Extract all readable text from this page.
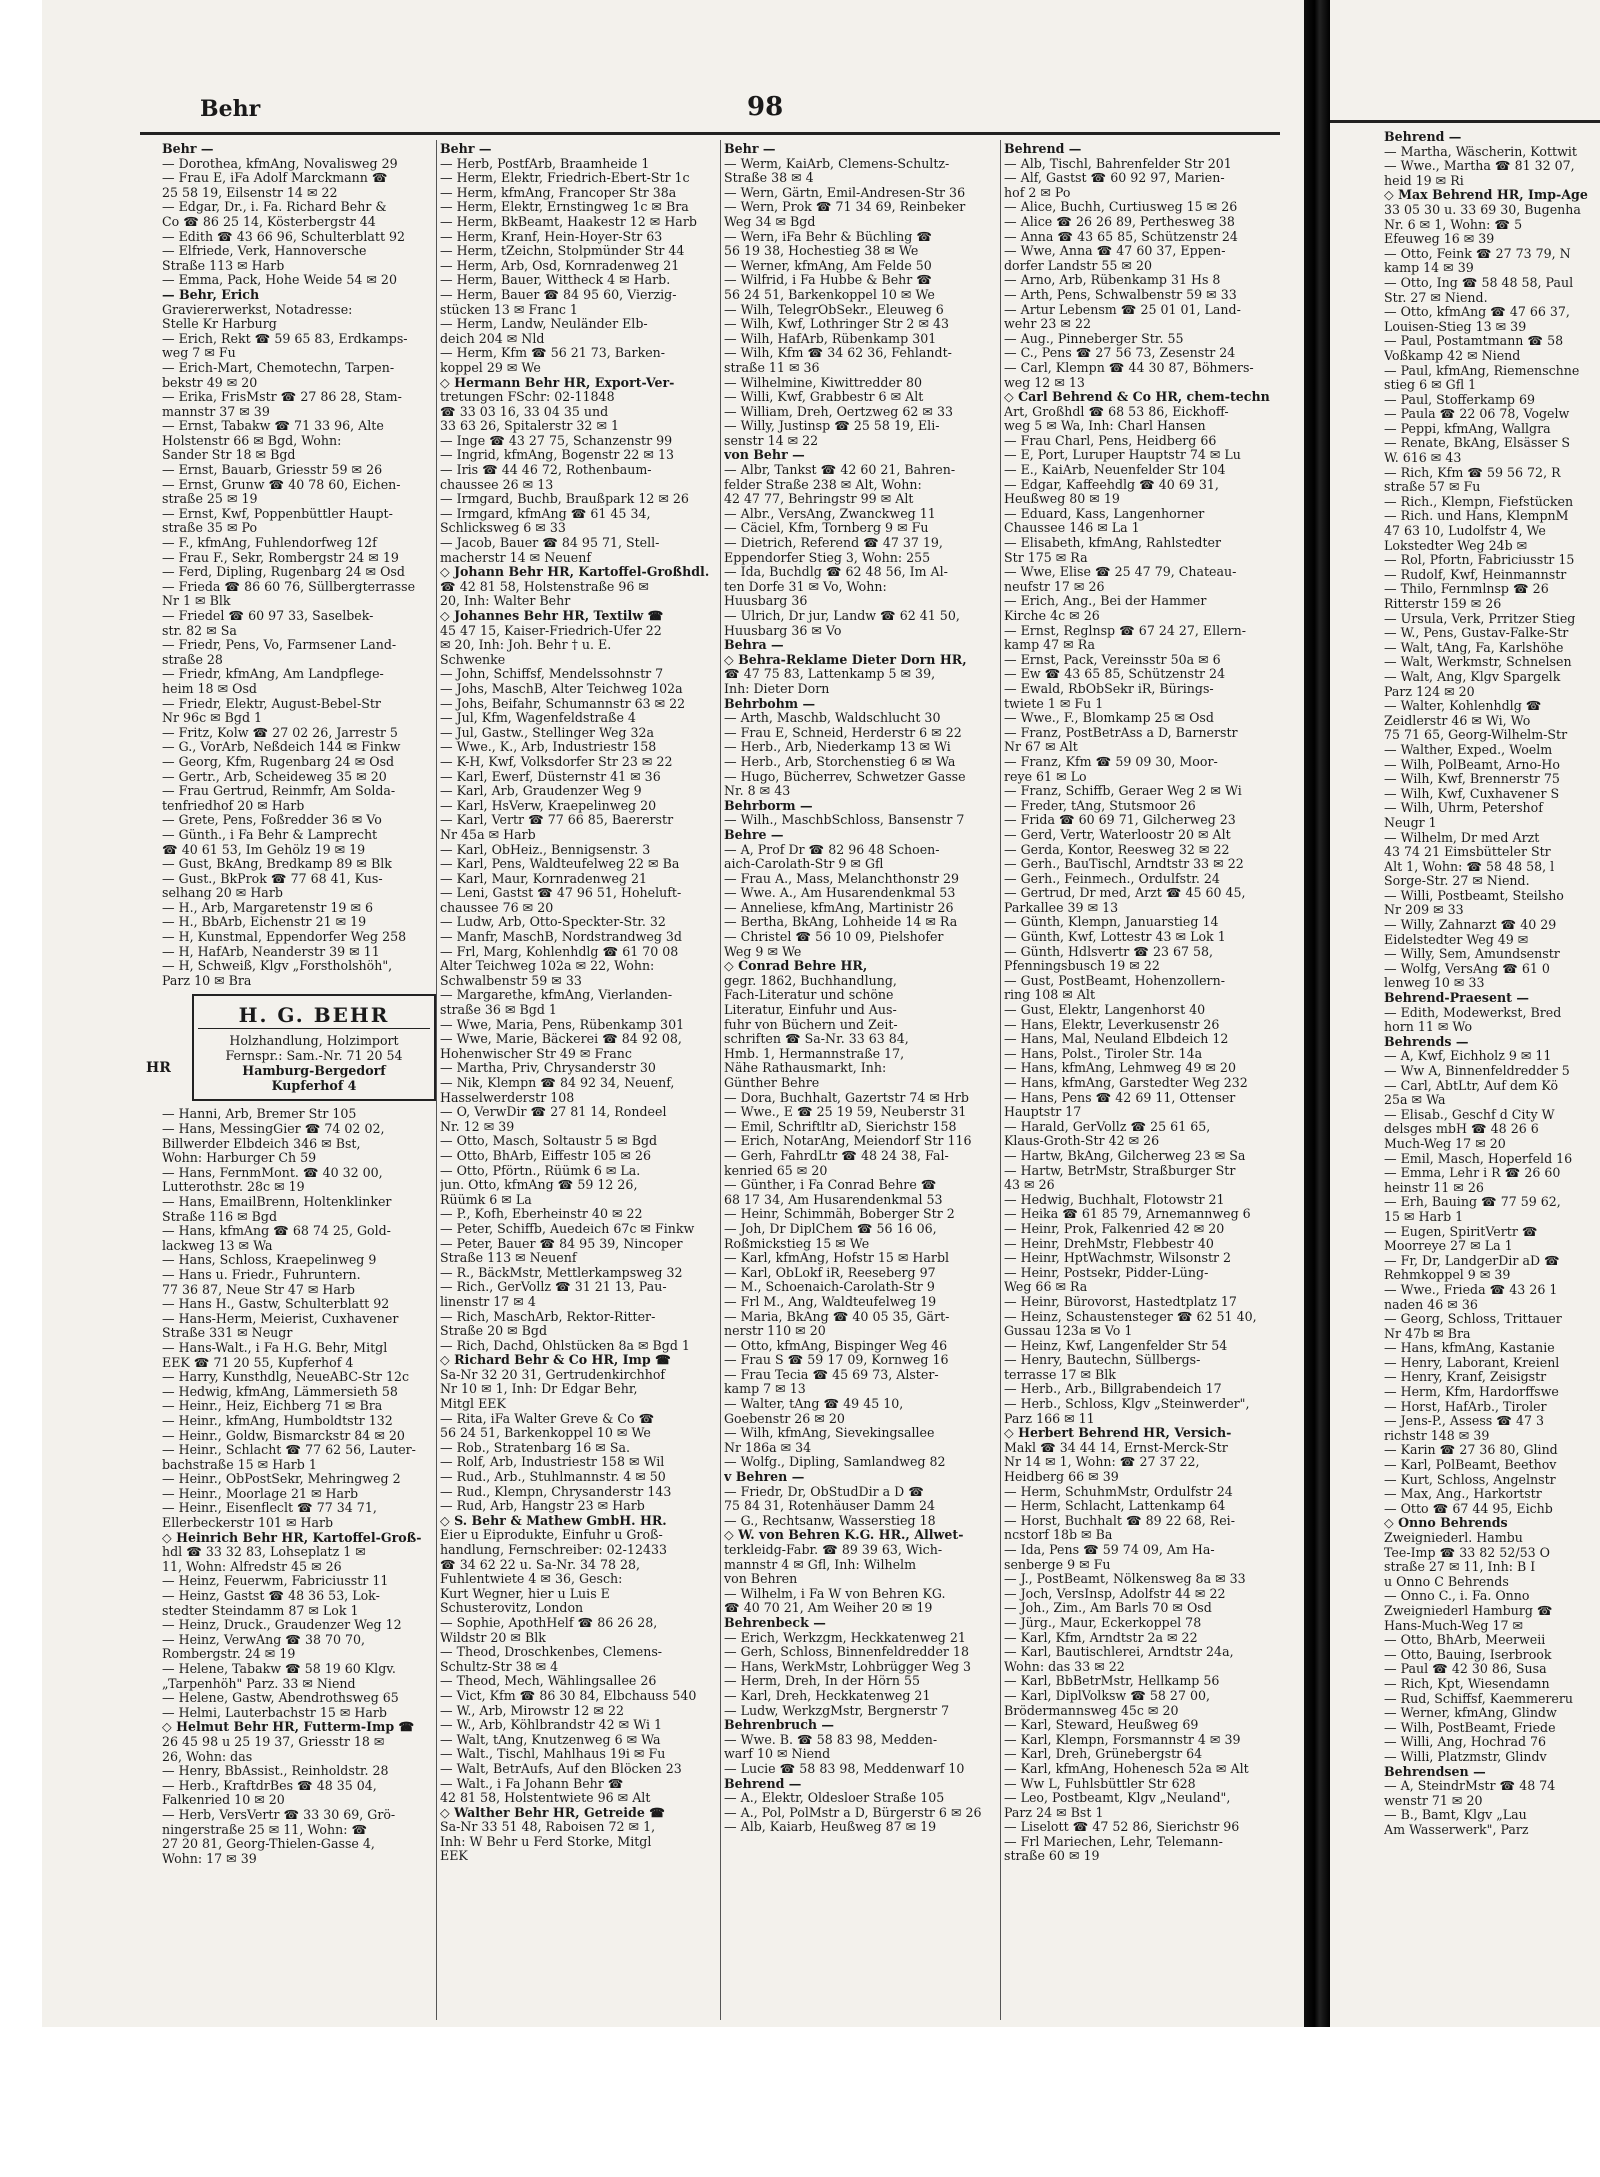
Behr	98
Behr —
— Dorothea, kfmAng, Novalisweg 29
— Frau E, iFa Adolf Marckmann ☎
25 58 19, Eilsenstr 14 ✉ 22
— Edgar, Dr., i. Fa. Richard Behr &
Co ☎ 86 25 14, Kösterbergstr 44
— Edith ☎ 43 66 96, Schulterblatt 92
— Elfriede, Verk, Hannoversche
Straße 113 ✉ Harb
— Emma, Pack, Hohe Weide 54 ✉ 20
— Behr, Erich
Graviererwerkst, Notadresse:
Stelle Kr Harburg
— Erich, Rekt ☎ 59 65 83, Erdkamps-
weg 7 ✉ Fu
— Erich-Mart, Chemotechn, Tarpen-
bekstr 49 ✉ 20
— Erika, FrisMstr ☎ 27 86 28, Stam-
mannstr 37 ✉ 39
— Ernst, Tabakw ☎ 71 33 96, Alte
Holstenstr 66 ✉ Bgd, Wohn:
Sander Str 18 ✉ Bgd
— Ernst, Bauarb, Griesstr 59 ✉ 26
— Ernst, Grunw ☎ 40 78 60, Eichen-
straße 25 ✉ 19
— Ernst, Kwf, Poppenbüttler Haupt-
straße 35 ✉ Po
— F., kfmAng, Fuhlendorfweg 12f
— Frau F., Sekr, Rombergstr 24 ✉ 19
— Ferd, Dipling, Rugenbarg 24 ✉ Osd
— Frieda ☎ 86 60 76, Süllbergterrasse
Nr 1 ✉ Blk
— Friedel ☎ 60 97 33, Saselbek-
str. 82 ✉ Sa
— Friedr, Pens, Vo, Farmsener Land-
straße 28
— Friedr, kfmAng, Am Landpflege-
heim 18 ✉ Osd
— Friedr, Elektr, August-Bebel-Str
Nr 96c ✉ Bgd 1
— Fritz, Kolw ☎ 27 02 26, Jarrestr 5
— G., VorArb, Neßdeich 144 ✉ Finkw
— Georg, Kfm, Rugenbarg 24 ✉ Osd
— Gertr., Arb, Scheideweg 35 ✉ 20
— Frau Gertrud, Reinmfr, Am Solda-
tenfriedhof 20 ✉ Harb
— Grete, Pens, Foßredder 36 ✉ Vo
— Günth., i Fa Behr & Lamprecht
☎ 40 61 53, Im Gehölz 19 ✉ 19
— Gust, BkAng, Bredkamp 89 ✉ Blk
— Gust., BkProk ☎ 77 68 41, Kus-
selhang 20 ✉ Harb
— H., Arb, Margaretenstr 19 ✉ 6
— H., BbArb, Eichenstr 21 ✉ 19
— H, Kunstmal, Eppendorfer Weg 258
— H, HafArb, Neanderstr 39 ✉ 11
— H, Schweiß, Klgv „Forstholshöh",
Parz 10 ✉ Bra
H. G. BEHR
Holzhandlung, Holzimport
Fernspr.: Sam.-Nr. 71 20 54
Hamburg-Bergedorf
Kupferhof 4
— Hanni, Arb, Bremer Str 105
— Hans, MessingGier ☎ 74 02 02,
Billwerder Elbdeich 346 ✉ Bst,
Wohn: Harburger Ch 59
— Hans, FernmMont. ☎ 40 32 00,
Lutterothstr. 28c ✉ 19
— Hans, EmailBrenn, Holtenklinker
Straße 116 ✉ Bgd
— Hans, kfmAng ☎ 68 74 25, Gold-
lackweg 13 ✉ Wa
— Hans, Schloss, Kraepelinweg 9
— Hans u. Friedr., Fuhruntern.
77 36 87, Neue Str 47 ✉ Harb
— Hans H., Gastw, Schulterblatt 92
— Hans-Herm, Meierist, Cuxhavener
Straße 331 ✉ Neugr
— Hans-Walt., i Fa H.G. Behr, Mitgl
EEK ☎ 71 20 55, Kupferhof 4
— Harry, Kunsthdlg, NeueABC-Str 12c
— Hedwig, kfmAng, Lämmersieth 58
— Heinr., Heiz, Eichberg 71 ✉ Bra
— Heinr., kfmAng, Humboldtstr 132
— Heinr., Goldw, Bismarckstr 84 ✉ 20
— Heinr., Schlacht ☎ 77 62 56, Lauter-
bachstraße 15 ✉ Harb 1
— Heinr., ObPostSekr, Mehringweg 2
— Heinr., Moorlage 21 ✉ Harb
— Heinr., Eisenfleclt ☎ 77 34 71,
Ellerbeckerstr 101 ✉ Harb
◇ Heinrich Behr HR, Kartoffel-Groß-
hdl ☎ 33 32 83, Lohseplatz 1 ✉
11, Wohn: Alfredstr 45 ✉ 26
— Heinz, Feuerwm, Fabriciusstr 11
— Heinz, Gastst ☎ 48 36 53, Lok-
stedter Steindamm 87 ✉ Lok 1
— Heinz, Druck., Graudenzer Weg 12
— Heinz, VerwAng ☎ 38 70 70,
Rombergstr. 24 ✉ 19
— Helene, Tabakw ☎ 58 19 60 Klgv.
„Tarpenhöh" Parz. 33 ✉ Niend
— Helene, Gastw, Abendrothsweg 65
— Helmi, Lauterbachstr 15 ✉ Harb
◇ Helmut Behr HR, Futterm-Imp ☎
26 45 98 u 25 19 37, Griesstr 18 ✉
26, Wohn: das
— Henry, BbAssist., Reinholdstr. 28
— Herb., KraftdrBes ☎ 48 35 04,
Falkenried 10 ✉ 20
— Herb, VersVertr ☎ 33 30 69, Grö-
ningerstraße 25 ✉ 11, Wohn: ☎
27 20 81, Georg-Thielen-Gasse 4,
Wohn: 17 ✉ 39
HR
Behr —
— Herb, PostfArb, Braamheide 1
— Herm, Elektr, Friedrich-Ebert-Str 1c
— Herm, kfmAng, Francoper Str 38a
— Herm, Elektr, Ernstingweg 1c ✉ Bra
— Herm, BkBeamt, Haakestr 12 ✉ Harb
— Herm, Kranf, Hein-Hoyer-Str 63
— Herm, tZeichn, Stolpmünder Str 44
— Herm, Arb, Osd, Kornradenweg 21
— Herm, Bauer, Wittheck 4 ✉ Harb.
— Herm, Bauer ☎ 84 95 60, Vierzig-
stücken 13 ✉ Franc 1
— Herm, Landw, Neuländer Elb-
deich 204 ✉ Nld
— Herm, Kfm ☎ 56 21 73, Barken-
koppel 29 ✉ We
◇ Hermann Behr HR, Export-Ver-
tretungen FSchr: 02-11848
☎ 33 03 16, 33 04 35 und
33 63 26, Spitalerstr 32 ✉ 1
— Inge ☎ 43 27 75, Schanzenstr 99
— Ingrid, kfmAng, Bogenstr 22 ✉ 13
— Iris ☎ 44 46 72, Rothenbaum-
chaussee 26 ✉ 13
— Irmgard, Buchb, Braußpark 12 ✉ 26
— Irmgard, kfmAng ☎ 61 45 34,
Schlicksweg 6 ✉ 33
— Jacob, Bauer ☎ 84 95 71, Stell-
macherstr 14 ✉ Neuenf
◇ Johann Behr HR, Kartoffel-Großhdl.
☎ 42 81 58, Holstenstraße 96 ✉
20, Inh: Walter Behr
◇ Johannes Behr HR, Textilw ☎
45 47 15, Kaiser-Friedrich-Ufer 22
✉ 20, Inh: Joh. Behr † u. E.
Schwenke
— John, Schiffsf, Mendelssohnstr 7
— Johs, MaschB, Alter Teichweg 102a
— Johs, Beifahr, Schumannstr 63 ✉ 22
— Jul, Kfm, Wagenfeldstraße 4
— Jul, Gastw., Stellinger Weg 32a
— Wwe., K., Arb, Industriestr 158
— K-H, Kwf, Volksdorfer Str 23 ✉ 22
— Karl, Ewerf, Düsternstr 41 ✉ 36
— Karl, Arb, Graudenzer Weg 9
— Karl, HsVerw, Kraepelinweg 20
— Karl, Vertr ☎ 77 66 85, Baererstr
Nr 45a ✉ Harb
— Karl, ObHeiz., Bennigsenstr. 3
— Karl, Pens, Waldteufelweg 22 ✉ Ba
— Karl, Maur, Kornradenweg 21
— Leni, Gastst ☎ 47 96 51, Hoheluft-
chaussee 76 ✉ 20
— Ludw, Arb, Otto-Speckter-Str. 32
— Manfr, MaschB, Nordstrandweg 3d
— Frl, Marg, Kohlenhdlg ☎ 61 70 08
Alter Teichweg 102a ✉ 22, Wohn:
Schwalbenstr 59 ✉ 33
— Margarethe, kfmAng, Vierlanden-
straße 36 ✉ Bgd 1
— Wwe, Maria, Pens, Rübenkamp 301
— Wwe, Marie, Bäckerei ☎ 84 92 08,
Hohenwischer Str 49 ✉ Franc
— Martha, Priv, Chrysanderstr 30
— Nik, Klempn ☎ 84 92 34, Neuenf,
Hasselwerderstr 108
— O, VerwDir ☎ 27 81 14, Rondeel
Nr. 12 ✉ 39
— Otto, Masch, Soltaustr 5 ✉ Bgd
— Otto, BhArb, Eiffestr 105 ✉ 26
— Otto, Pförtn., Rüümk 6 ✉ La.
jun. Otto, kfmAng ☎ 59 12 26,
Rüümk 6 ✉ La
— P., Kofh, Eberheinstr 40 ✉ 22
— Peter, Schiffb, Auedeich 67c ✉ Finkw
— Peter, Bauer ☎ 84 95 39, Nincoper
Straße 113 ✉ Neuenf
— R., BäckMstr, Mettlerkampsweg 32
— Rich., GerVollz ☎ 31 21 13, Pau-
linenstr 17 ✉ 4
— Rich, MaschArb, Rektor-Ritter-
Straße 20 ✉ Bgd
— Rich, Dachd, Ohlstücken 8a ✉ Bgd 1
◇ Richard Behr & Co HR, Imp ☎
Sa-Nr 32 20 31, Gertrudenkirchhof
Nr 10 ✉ 1, Inh: Dr Edgar Behr,
Mitgl EEK
— Rita, iFa Walter Greve & Co ☎
56 24 51, Barkenkoppel 10 ✉ We
— Rob., Stratenbarg 16 ✉ Sa.
— Rolf, Arb, Industriestr 158 ✉ Wil
— Rud., Arb., Stuhlmannstr. 4 ✉ 50
— Rud., Klempn, Chrysanderstr 143
— Rud, Arb, Hangstr 23 ✉ Harb
◇ S. Behr & Mathew GmbH. HR.
Eier u Eiprodukte, Einfuhr u Groß-
handlung, Fernschreiber: 02-12433
☎ 34 62 22 u. Sa-Nr. 34 78 28,
Fuhlentwiete 4 ✉ 36, Gesch:
Kurt Wegner, hier u Luis E
Schusterovitz, London
— Sophie, ApothHelf ☎ 86 26 28,
Wildstr 20 ✉ Blk
— Theod, Droschkenbes, Clemens-
Schultz-Str 38 ✉ 4
— Theod, Mech, Wählingsallee 26
— Vict, Kfm ☎ 86 30 84, Elbchauss 540
— W., Arb, Mirowstr 12 ✉ 22
— W., Arb, Köhlbrandstr 42 ✉ Wi 1
— Walt, tAng, Knutzenweg 6 ✉ Wa
— Walt., Tischl, Mahlhaus 19i ✉ Fu
— Walt, BetrAufs, Auf den Blöcken 23
— Walt., i Fa Johann Behr ☎
42 81 58, Holstentwiete 96 ✉ Alt
◇ Walther Behr HR, Getreide ☎
Sa-Nr 33 51 48, Raboisen 72 ✉ 1,
Inh: W Behr u Ferd Storke, Mitgl
EEK
Behr —
— Werm, KaiArb, Clemens-Schultz-
Straße 38 ✉ 4
— Wern, Gärtn, Emil-Andresen-Str 36
— Wern, Prok ☎ 71 34 69, Reinbeker
Weg 34 ✉ Bgd
— Wern, iFa Behr & Büchling ☎
56 19 38, Hochestieg 38 ✉ We
— Werner, kfmAng, Am Felde 50
— Wilfrid, i Fa Hubbe & Behr ☎
56 24 51, Barkenkoppel 10 ✉ We
— Wilh, TelegrObSekr., Eleuweg 6
— Wilh, Kwf, Lothringer Str 2 ✉ 43
— Wilh, HafArb, Rübenkamp 301
— Wilh, Kfm ☎ 34 62 36, Fehlandt-
straße 11 ✉ 36
— Wilhelmine, Kiwittredder 80
— Willi, Kwf, Grabbestr 6 ✉ Alt
— William, Dreh, Oertzweg 62 ✉ 33
— Willy, Justinsp ☎ 25 58 19, Eli-
senstr 14 ✉ 22
von Behr —
— Albr, Tankst ☎ 42 60 21, Bahren-
felder Straße 238 ✉ Alt, Wohn:
42 47 77, Behringstr 99 ✉ Alt
— Albr., VersAng, Zwanckweg 11
— Cäciel, Kfm, Tornberg 9 ✉ Fu
— Dietrich, Referend ☎ 47 37 19,
Eppendorfer Stieg 3, Wohn: 255
— Ida, Buchdlg ☎ 62 48 56, Im Al-
ten Dorfe 31 ✉ Vo, Wohn:
Huusbarg 36
— Ulrich, Dr jur, Landw ☎ 62 41 50,
Huusbarg 36 ✉ Vo
Behra —
◇ Behra-Reklame Dieter Dorn HR,
☎ 47 75 83, Lattenkamp 5 ✉ 39,
Inh: Dieter Dorn
Behrbohm —
— Arth, Maschb, Waldschlucht 30
— Frau E, Schneid, Herderstr 6 ✉ 22
— Herb., Arb, Niederkamp 13 ✉ Wi
— Herb., Arb, Storchenstieg 6 ✉ Wa
— Hugo, Bücherrev, Schwetzer Gasse
Nr. 8 ✉ 43
Behrborm —
— Wilh., MaschbSchloss, Bansenstr 7
Behre —
— A, Prof Dr ☎ 82 96 48 Schoen-
aich-Carolath-Str 9 ✉ Gfl
— Frau A., Mass, Melanchthonstr 29
— Wwe. A., Am Husarendenkmal 53
— Anneliese, kfmAng, Martinistr 26
— Bertha, BkAng, Lohheide 14 ✉ Ra
— Christel ☎ 56 10 09, Pielshofer
Weg 9 ✉ We
◇ Conrad Behre HR,
gegr. 1862, Buchhandlung,
Fach-Literatur und schöne
Literatur, Einfuhr und Aus-
fuhr von Büchern und Zeit-
schriften ☎ Sa-Nr. 33 63 84,
Hmb. 1, Hermannstraße 17,
Nähe Rathausmarkt, Inh:
Günther Behre
— Dora, Buchhalt, Gazertstr 74 ✉ Hrb
— Wwe., E ☎ 25 19 59, Neuberstr 31
— Emil, Schriftltr aD, Sierichstr 158
— Erich, NotarAng, Meiendorf Str 116
— Gerh, FahrdLtr ☎ 48 24 38, Fal-
kenried 65 ✉ 20
— Günther, i Fa Conrad Behre ☎
68 17 34, Am Husarendenkmal 53
— Heinr, Schimmäh, Boberger Str 2
— Joh, Dr DiplChem ☎ 56 16 06,
Roßmickstieg 15 ✉ We
— Karl, kfmAng, Hofstr 15 ✉ Harbl
— Karl, ObLokf iR, Reeseberg 97
— M., Schoenaich-Carolath-Str 9
— Frl M., Ang, Waldteufelweg 19
— Maria, BkAng ☎ 40 05 35, Gärt-
nerstr 110 ✉ 20
— Otto, kfmAng, Bispinger Weg 46
— Frau S ☎ 59 17 09, Kornweg 16
— Frau Tecia ☎ 45 69 73, Alster-
kamp 7 ✉ 13
— Walter, tAng ☎ 49 45 10,
Goebenstr 26 ✉ 20
— Wilh, kfmAng, Sievekingsallee
Nr 186a ✉ 34
— Wolfg., Dipling, Samlandweg 82
v Behren —
— Friedr, Dr, ObStudDir a D ☎
75 84 31, Rotenhäuser Damm 24
— G., Rechtsanw, Wasserstieg 18
◇ W. von Behren K.G. HR., Allwet-
terkleidg-Fabr. ☎ 89 39 63, Wich-
mannstr 4 ✉ Gfl, Inh: Wilhelm
von Behren
— Wilhelm, i Fa W von Behren KG.
☎ 40 70 21, Am Weiher 20 ✉ 19
Behrenbeck —
— Erich, Werkzgm, Heckkatenweg 21
— Gerh, Schloss, Binnenfeldredder 18
— Hans, WerkMstr, Lohbrügger Weg 3
— Herm, Dreh, In der Hörn 55
— Karl, Dreh, Heckkatenweg 21
— Ludw, WerkzgMstr, Bergnerstr 7
Behrenbruch —
— Wwe. B. ☎ 58 83 98, Medden-
warf 10 ✉ Niend
— Lucie ☎ 58 83 98, Meddenwarf 10
Behrend —
— A., Elektr, Oldesloer Straße 105
— A., Pol, PolMstr a D, Bürgerstr 6 ✉ 26
— Alb, Kaiarb, Heußweg 87 ✉ 19
Behrend —
— Alb, Tischl, Bahrenfelder Str 201
— Alf, Gastst ☎ 60 92 97, Marien-
hof 2 ✉ Po
— Alice, Buchh, Curtiusweg 15 ✉ 26
— Alice ☎ 26 26 89, Perthesweg 38
— Anna ☎ 43 65 85, Schützenstr 24
— Wwe, Anna ☎ 47 60 37, Eppen-
dorfer Landstr 55 ✉ 20
— Arno, Arb, Rübenkamp 31 Hs 8
— Arth, Pens, Schwalbenstr 59 ✉ 33
— Artur Lebensm ☎ 25 01 01, Land-
wehr 23 ✉ 22
— Aug., Pinneberger Str. 55
— C., Pens ☎ 27 56 73, Zesenstr 24
— Carl, Klempn ☎ 44 30 87, Böhmers-
weg 12 ✉ 13
◇ Carl Behrend & Co HR, chem-techn
Art, Großhdl ☎ 68 53 86, Eickhoff-
weg 5 ✉ Wa, Inh: Charl Hansen
— Frau Charl, Pens, Heidberg 66
— E, Port, Luruper Hauptstr 74 ✉ Lu
— E., KaiArb, Neuenfelder Str 104
— Edgar, Kaffeehdlg ☎ 40 69 31,
Heußweg 80 ✉ 19
— Eduard, Kass, Langenhorner
Chaussee 146 ✉ La 1
— Elisabeth, kfmAng, Rahlstedter
Str 175 ✉ Ra
— Wwe, Elise ☎ 25 47 79, Chateau-
neufstr 17 ✉ 26
— Erich, Ang., Bei der Hammer
Kirche 4c ✉ 26
— Ernst, Reglnsp ☎ 67 24 27, Ellern-
kamp 47 ✉ Ra
— Ernst, Pack, Vereinsstr 50a ✉ 6
— Ew ☎ 43 65 85, Schützenstr 24
— Ewald, RbObSekr iR, Bürings-
twiete 1 ✉ Fu 1
— Wwe., F., Blomkamp 25 ✉ Osd
— Franz, PostBetrAss a D, Barnerstr
Nr 67 ✉ Alt
— Franz, Kfm ☎ 59 09 30, Moor-
reye 61 ✉ Lo
— Franz, Schiffb, Geraer Weg 2 ✉ Wi
— Freder, tAng, Stutsmoor 26
— Frida ☎ 60 69 71, Gilcherweg 23
— Gerd, Vertr, Waterloostr 20 ✉ Alt
— Gerda, Kontor, Reesweg 32 ✉ 22
— Gerh., BauTischl, Arndtstr 33 ✉ 22
— Gerh., Feinmech., Ordulfstr. 24
— Gertrud, Dr med, Arzt ☎ 45 60 45,
Parkallee 39 ✉ 13
— Günth, Klempn, Januarstieg 14
— Günth, Kwf, Lottestr 43 ✉ Lok 1
— Günth, Hdlsvertr ☎ 23 67 58,
Pfenningsbusch 19 ✉ 22
— Gust, PostBeamt, Hohenzollern-
ring 108 ✉ Alt
— Gust, Elektr, Langenhorst 40
— Hans, Elektr, Leverkusenstr 26
— Hans, Mal, Neuland Elbdeich 12
— Hans, Polst., Tiroler Str. 14a
— Hans, kfmAng, Lehmweg 49 ✉ 20
— Hans, kfmAng, Garstedter Weg 232
— Hans, Pens ☎ 42 69 11, Ottenser
Hauptstr 17
— Harald, GerVollz ☎ 25 61 65,
Klaus-Groth-Str 42 ✉ 26
— Hartw, BkAng, Gilcherweg 23 ✉ Sa
— Hartw, BetrMstr, Straßburger Str
43 ✉ 26
— Hedwig, Buchhalt, Flotowstr 21
— Heika ☎ 61 85 79, Arnemannweg 6
— Heinr, Prok, Falkenried 42 ✉ 20
— Heinr, DrehMstr, Flebbestr 40
— Heinr, HptWachmstr, Wilsonstr 2
— Heinr, Postsekr, Pidder-Lüng-
Weg 66 ✉ Ra
— Heinr, Bürovorst, Hastedtplatz 17
— Heinz, Schaustensteger ☎ 62 51 40,
Gussau 123a ✉ Vo 1
— Heinz, Kwf, Langenfelder Str 54
— Henry, Bautechn, Süllbergs-
terrasse 17 ✉ Blk
— Herb., Arb., Billgrabendeich 17
— Herb., Schloss, Klgv „Steinwerder",
Parz 166 ✉ 11
◇ Herbert Behrend HR, Versich-
Makl ☎ 34 44 14, Ernst-Merck-Str
Nr 14 ✉ 1, Wohn: ☎ 27 37 22,
Heidberg 66 ✉ 39
— Herm, SchuhmMstr, Ordulfstr 24
— Herm, Schlacht, Lattenkamp 64
— Horst, Buchhalt ☎ 89 22 68, Rei-
ncstorf 18b ✉ Ba
— Ida, Pens ☎ 59 74 09, Am Ha-
senberge 9 ✉ Fu
— J., PostBeamt, Nölkensweg 8a ✉ 33
— Joch, VersInsp, Adolfstr 44 ✉ 22
— Joh., Zim., Am Barls 70 ✉ Osd
— Jürg., Maur, Eckerkoppel 78
— Karl, Kfm, Arndtstr 2a ✉ 22
— Karl, Bautischlerei, Arndtstr 24a,
Wohn: das 33 ✉ 22
— Karl, BbBetrMstr, Hellkamp 56
— Karl, DiplVolksw ☎ 58 27 00,
Brödermannsweg 45c ✉ 20
— Karl, Steward, Heußweg 69
— Karl, Klempn, Forsmannstr 4 ✉ 39
— Karl, Dreh, Grünebergstr 64
— Karl, kfmAng, Hohenesch 52a ✉ Alt
— Ww L, Fuhlsbüttler Str 628
— Leo, Postbeamt, Klgv „Neuland",
Parz 24 ✉ Bst 1
— Liselott ☎ 47 52 86, Sierichstr 96
— Frl Mariechen, Lehr, Telemann-
straße 60 ✉ 19
Behrend —
— Martha, Wäscherin, Kottwit
— Wwe., Martha ☎ 81 32 07,
heid 19 ✉ Ri
◇ Max Behrend HR, Imp-Age
33 05 30 u. 33 69 30, Bugenha
Nr. 6 ✉ 1, Wohn: ☎ 5
Efeuweg 16 ✉ 39
— Otto, Feink ☎ 27 73 79, N
kamp 14 ✉ 39
— Otto, Ing ☎ 58 48 58, Paul
Str. 27 ✉ Niend.
— Otto, kfmAng ☎ 47 66 37,
Louisen-Stieg 13 ✉ 39
— Paul, Postamtmann ☎ 58
Voßkamp 42 ✉ Niend
— Paul, kfmAng, Riemenschne
stieg 6 ✉ Gfl 1
— Paul, Stofferkamp 69
— Paula ☎ 22 06 78, Vogelw
— Peppi, kfmAng, Wallgra
— Renate, BkAng, Elsässer S
W. 616 ✉ 43
— Rich, Kfm ☎ 59 56 72, R
straße 57 ✉ Fu
— Rich., Klempn, Fiefstücken
— Rich. und Hans, KlempnM
47 63 10, Ludolfstr 4, We
Lokstedter Weg 24b ✉
— Rol, Pfortn, Fabriciusstr 15
— Rudolf, Kwf, Heinmannstr
— Thilo, Fernmlnsp ☎ 26
Ritterstr 159 ✉ 26
— Ursula, Verk, Prritzer Stieg
— W., Pens, Gustav-Falke-Str
— Walt, tAng, Fa, Karlshöhe
— Walt, Werkmstr, Schnelsen
— Walt, Ang, Klgv Spargelk
Parz 124 ✉ 20
— Walter, Kohlenhdlg ☎
Zeidlerstr 46 ✉ Wi, Wo
75 71 65, Georg-Wilhelm-Str
— Walther, Exped., Woelm
— Wilh, PolBeamt, Arno-Ho
— Wilh, Kwf, Brennerstr 75
— Wilh, Kwf, Cuxhavener S
— Wilh, Uhrm, Petershof
Neugr 1
— Wilhelm, Dr med Arzt
43 74 21 Eimsbütteler Str
Alt 1, Wohn: ☎ 58 48 58, l
Sorge-Str. 27 ✉ Niend.
— Willi, Postbeamt, Steilsho
Nr 209 ✉ 33
— Willy, Zahnarzt ☎ 40 29
Eidelstedter Weg 49 ✉
— Willy, Sem, Amundsenstr
— Wolfg, VersAng ☎ 61 0
lenweg 10 ✉ 33
Behrend-Praesent —
— Edith, Modewerkst, Bred
horn 11 ✉ Wo
Behrends —
— A, Kwf, Eichholz 9 ✉ 11
— Ww A, Binnenfeldredder 5
— Carl, AbtLtr, Auf dem Kö
25a ✉ Wa
— Elisab., Geschf d City W
delsges mbH ☎ 48 26 6
Much-Weg 17 ✉ 20
— Emil, Masch, Hoperfeld 16
— Emma, Lehr i R ☎ 26 60
heinstr 11 ✉ 26
— Erh, Bauing ☎ 77 59 62,
15 ✉ Harb 1
— Eugen, SpiritVertr ☎
Moorreye 27 ✉ La 1
— Fr, Dr, LandgerDir aD ☎
Rehmkoppel 9 ✉ 39
— Wwe., Frieda ☎ 43 26 1
naden 46 ✉ 36
— Georg, Schloss, Trittauer
Nr 47b ✉ Bra
— Hans, kfmAng, Kastanie
— Henry, Laborant, Kreienl
— Henry, Kranf, Zeisigstr
— Herm, Kfm, Hardorffswe
— Horst, HafArb., Tiroler
— Jens-P., Assess ☎ 47 3
richstr 148 ✉ 39
— Karin ☎ 27 36 80, Glind
— Karl, PolBeamt, Beethov
— Kurt, Schloss, Angelnstr
— Max, Ang., Harkortstr
— Otto ☎ 67 44 95, Eichb
◇ Onno Behrends
Zweigniederl. Hambu
Tee-Imp ☎ 33 82 52/53 O
straße 27 ✉ 11, Inh: B I
u Onno C Behrends
— Onno C., i. Fa. Onno
Zweigniederl Hamburg ☎
Hans-Much-Weg 17 ✉
— Otto, BhArb, Meerweii
— Otto, Bauing, Iserbrook
— Paul ☎ 42 30 86, Susa
— Rich, Kpt, Wiesendamn
— Rud, Schiffsf, Kaemmereru
— Werner, kfmAng, Glindw
— Wilh, PostBeamt, Friede
— Willi, Ang, Hochrad 76
— Willi, Platzmstr, Glindv
Behrendsen —
— A, SteindrMstr ☎ 48 74
wenstr 71 ✉ 20
— B., Bamt, Klgv „Lau
Am Wasserwerk", Parz
